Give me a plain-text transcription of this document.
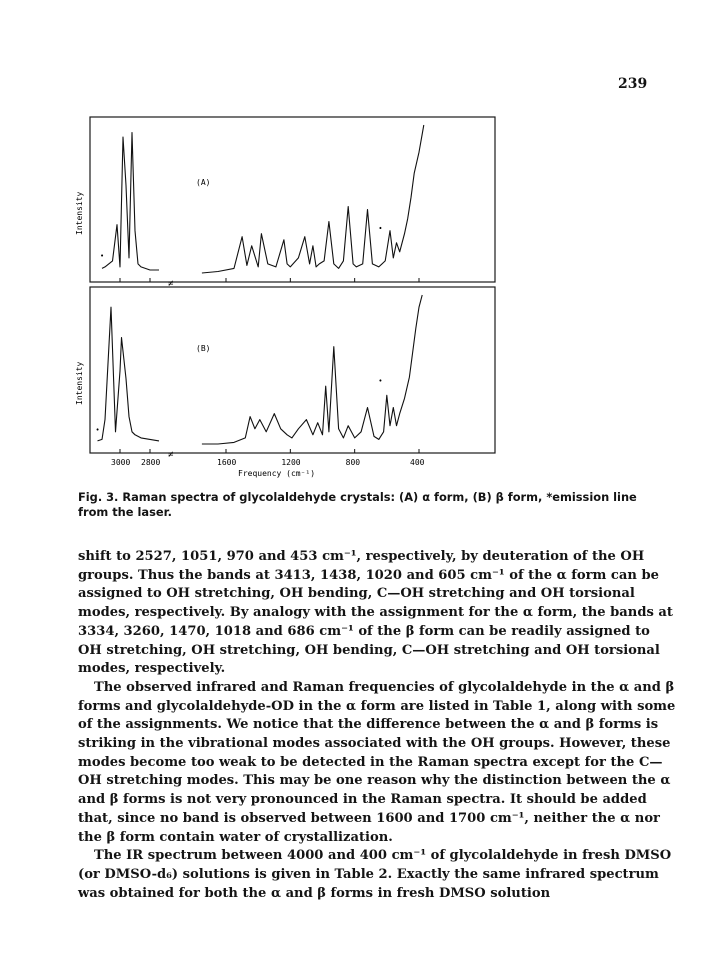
239
≠
•
•
≠
•
•
(A)
(B)
Intensity
Intensity
3000 2800	1600	1200	800	400
Frequency (cm⁻¹)
Fig. 3. Raman spectra of glycolaldehyde crystals: (A) α form, (B) β form, *emission line from the laser.

shift to 2527, 1051, 970 and 453 cm⁻¹, respectively, by deuteration of the OH groups. Thus the bands at 3413, 1438, 1020 and 605 cm⁻¹ of the α form can be assigned to OH stretching, OH bending, C—OH stretching and OH torsional modes, respectively. By analogy with the assignment for the α form, the bands at 3334, 3260, 1470, 1018 and 686 cm⁻¹ of the β form can be readily assigned to OH stretching, OH stretching, OH bending, C—OH stretching and OH torsional modes, respectively.

The observed infrared and Raman frequencies of glycolaldehyde in the α and β forms and glycolaldehyde-OD in the α form are listed in Table 1, along with some of the assignments. We notice that the difference between the α and β forms is striking in the vibrational modes associated with the OH groups. However, these modes become too weak to be detected in the Raman spectra except for the C—OH stretching modes. This may be one reason why the distinction between the α and β forms is not very pronounced in the Raman spectra. It should be added that, since no band is observed between 1600 and 1700 cm⁻¹, neither the α nor the β form contain water of crystallization.

The IR spectrum between 4000 and 400 cm⁻¹ of glycolaldehyde in fresh DMSO (or DMSO-d₆) solutions is given in Table 2. Exactly the same infrared spectrum was obtained for both the α and β forms in fresh DMSO solution
